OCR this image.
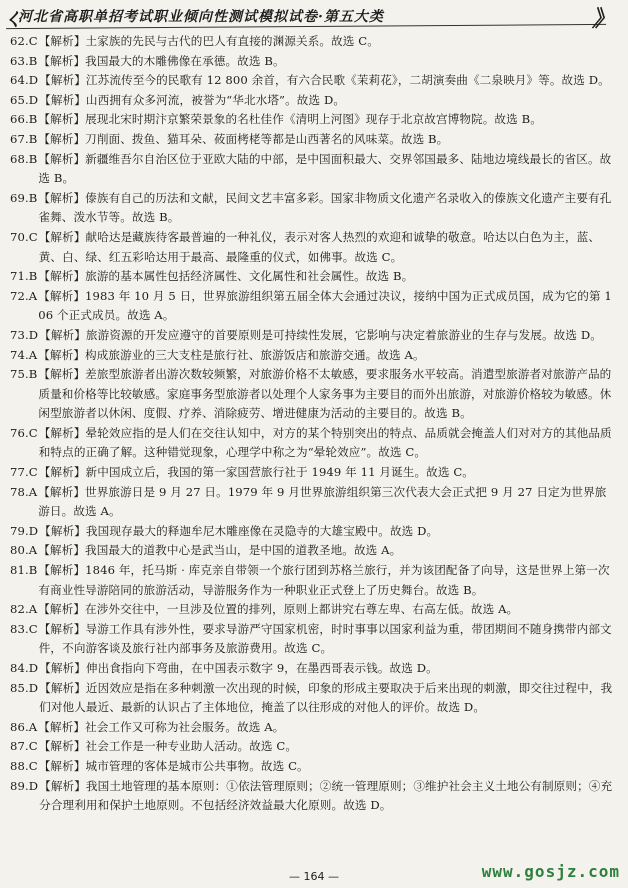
ㄑ
河北省高职单招考试职业倾向性测试模拟试卷·第五大类	》
62. C 【解析】土家族的先民与古代的巴人有直接的渊源关系。故选 C。
63. B 【解析】我国最大的木雕佛像在承德。故选 B。
64. D 【解析】江苏流传至今的民歌有 12 800 余首，有六合民歌《茉莉花》，二胡演奏曲《二泉映月》等。故选 D。
65. D 【解析】山西拥有众多河流，被誉为“华北水塔”。故选 D。
66. B 【解析】展现北宋时期汴京繁荣景象的名杜佳作《清明上河图》现存于北京故宫博物院。故选 B。
67. B 【解析】刀削面、拨鱼、猫耳朵、莜面栲栳等都是山西著名的风味菜。故选 B。
68. B 【解析】新疆维吾尔自治区位于亚欧大陆的中部，是中国面积最大、交界邻国最多、陆地边境线最长的省区。故选 B。
69. B 【解析】傣族有自己的历法和文献，民间文艺丰富多彩。国家非物质文化遗产名录收入的傣族文化遗产主要有孔雀舞、泼水节等。故选 B。
70. C 【解析】献哈达是藏族待客最普遍的一种礼仪，表示对客人热烈的欢迎和诚挚的敬意。哈达以白色为主，蓝、黄、白、绿、红五彩哈达用于最高、最隆重的仪式，如佛事。故选 C。
71. B 【解析】旅游的基本属性包括经济属性、文化属性和社会属性。故选 B。
72. A 【解析】1983 年 10 月 5 日，世界旅游组织第五届全体大会通过决议，接纳中国为正式成员国，成为它的第 106 个正式成员。故选 A。
73. D 【解析】旅游资源的开发应遵守的首要原则是可持续性发展，它影响与决定着旅游业的生存与发展。故选 D。
74. A 【解析】构成旅游业的三大支柱是旅行社、旅游饭店和旅游交通。故选 A。
75. B 【解析】差旅型旅游者出游次数较频繁，对旅游价格不太敏感，要求服务水平较高。消遣型旅游者对旅游产品的质量和价格等比较敏感。家庭事务型旅游者以处理个人家务事为主要目的而外出旅游，对旅游价格较为敏感。休闲型旅游者以休闲、度假、疗养、消除疲劳、增进健康为活动的主要目的。故选 B。
76. C 【解析】晕轮效应指的是人们在交往认知中，对方的某个特别突出的特点、品质就会掩盖人们对对方的其他品质和特点的正确了解。这种错觉现象，心理学中称之为“晕轮效应”。故选 C。
77. C 【解析】新中国成立后，我国的第一家国营旅行社于 1949 年 11 月诞生。故选 C。
78. A 【解析】世界旅游日是 9 月 27 日。1979 年 9 月世界旅游组织第三次代表大会正式把 9 月 27 日定为世界旅游日。故选 A。
79. D 【解析】我国现存最大的释迦牟尼木雕座像在灵隐寺的大雄宝殿中。故选 D。
80. A 【解析】我国最大的道教中心是武当山，是中国的道教圣地。故选 A。
81. B 【解析】1846 年，托马斯 · 库克亲自带领一个旅行团到苏格兰旅行，并为该团配备了向导，这是世界上第一次有商业性导游陪同的旅游活动，导游服务作为一种职业正式登上了历史舞台。故选 B。
82. A 【解析】在涉外交往中，一旦涉及位置的排列，原则上都讲究右尊左卑、右高左低。故选 A。
83. C 【解析】导游工作具有涉外性，要求导游严守国家机密，时时事事以国家利益为重，带团期间不随身携带内部文件，不向游客谈及旅行社内部事务及旅游费用。故选 C。
84. D 【解析】伸出食指向下弯曲，在中国表示数字 9，在墨西哥表示钱。故选 D。
85. D 【解析】近因效应是指在多种刺激一次出现的时候，印象的形成主要取决于后来出现的刺激，即交往过程中，我们对他人最近、最新的认识占了主体地位，掩盖了以往形成的对他人的评价。故选 D。
86. A 【解析】社会工作又可称为社会服务。故选 A。
87. C 【解析】社会工作是一种专业助人活动。故选 C。
88. C 【解析】城市管理的客体是城市公共事物。故选 C。
89. D 【解析】我国土地管理的基本原则：①依法管理原则；②统一管理原则；③维护社会主义土地公有制原则；④充分合理利用和保护土地原则。不包括经济效益最大化原则。故选 D。
— 164 —	www.gosjz.com
